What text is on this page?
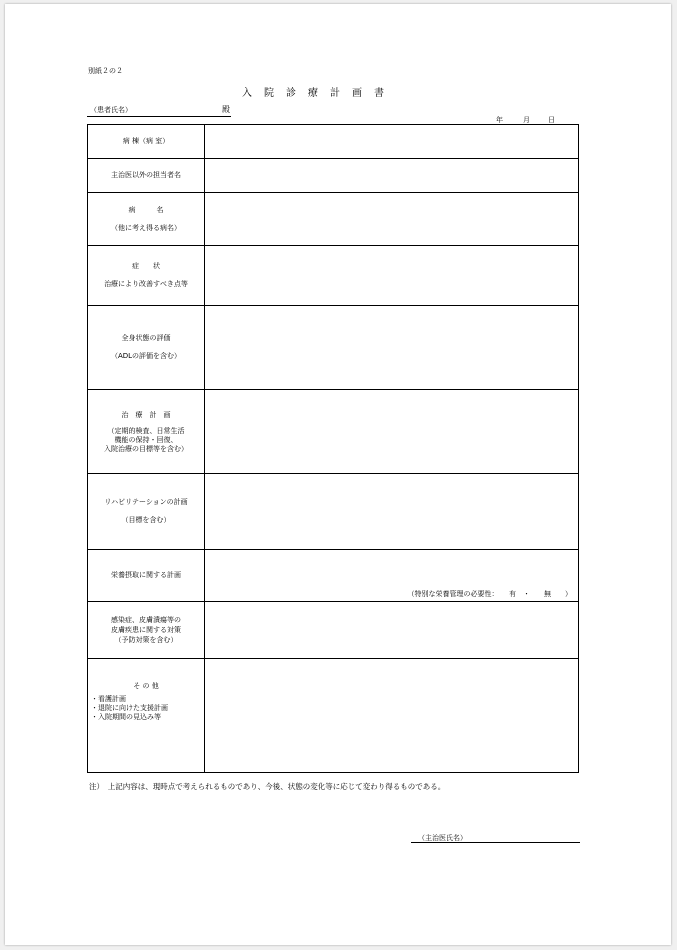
別紙２の２
入院診療計画書
（患者氏名）	殿
年	月	日
病 棟（病 室）	
主治医以外の担当者名	

病　　　名
（他に考え得る病名）	

症　　状
治療により改善すべき点等	

全身状態の評価
（ADLの評価を含む）	

治　療　計　画
（定期的検査、日常生活
機能の保持・回復、
入院治療の目標等を含む）	

リハビリテーションの計画
（目標を含む）	

栄養摂取に関する計画	（特別な栄養管理の必要性：　　有　・　　無　　）

感染症、皮膚潰瘍等の
皮膚疾患に関する対策
（予防対策を含む）	

そ の 他
・看護計画
・退院に向けた支援計画
・入院期間の見込み等	

注）　上記内容は、現時点で考えられるものであり、今後、状態の変化等に応じて変わり得るものである。
（主治医氏名）
